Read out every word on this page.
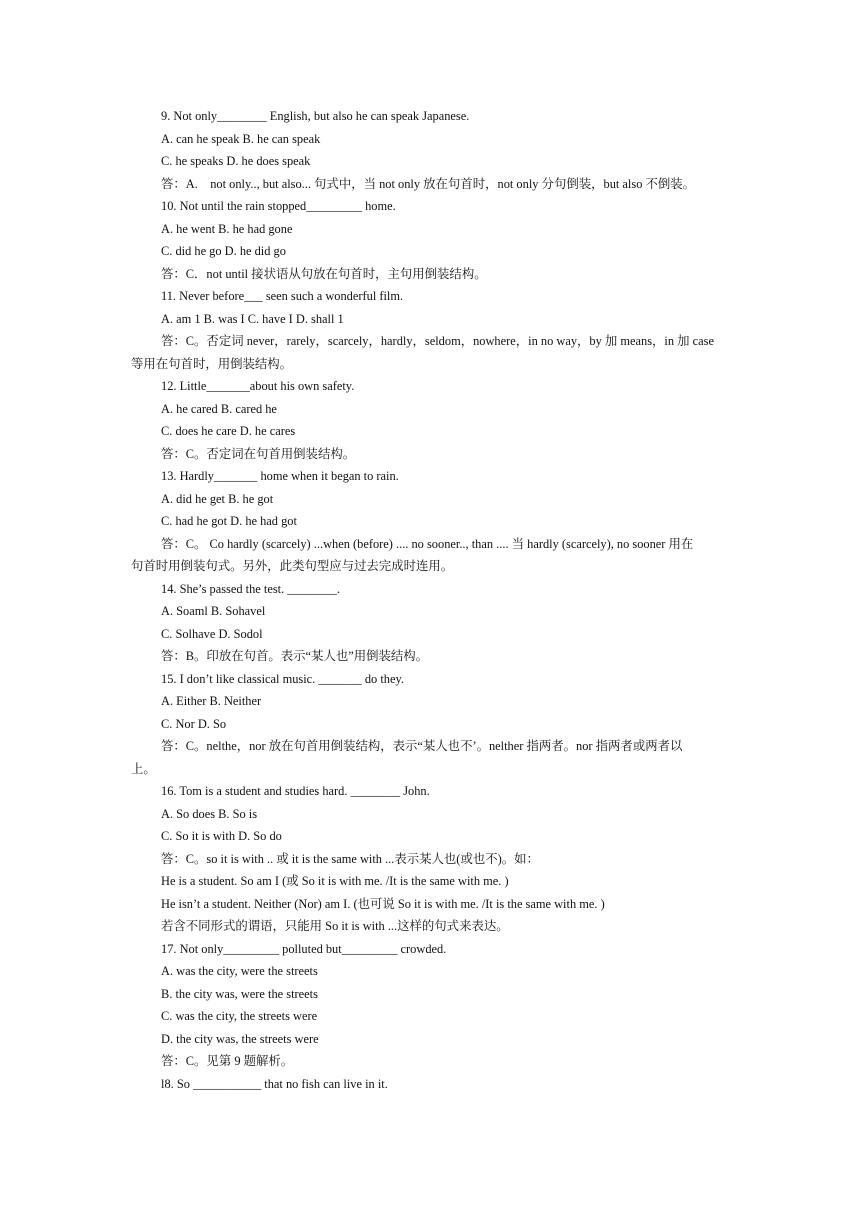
9. Not only________ English, but also he can speak Japanese.
A. can he speak B. he can speak
C. he speaks D. he does speak
答：A.　not only.., but also... 句式中，当 not only 放在句首时，not only 分句倒装，but also 不倒装。
10. Not until the rain stopped_________ home.
A. he went B. he had gone
C. did he go D. he did go
答：C．not until 接状语从句放在句首时，主句用倒装结构。
11. Never before___ seen such a wonderful film.
A. am 1 B. was I C. have I D. shall 1
答：C。否定词 never，rarely，scarcely，hardly，seldom，nowhere，in no way，by 加 means，in 加 case
等用在句首时，用倒装结构。
12. Little_______about his own safety.
A. he cared B. cared he
C. does he care D. he cares
答：C。否定词在句首用倒装结构。
13. Hardly_______ home when it began to rain.
A. did he get B. he got
C. had he got D. he had got
答：C。 Co hardly (scarcely) ...when (before) .... no sooner.., than .... 当 hardly (scarcely), no sooner 用在
句首时用倒装句式。另外，此类句型应与过去完成时连用。
14. She’s passed the test. ________.
A. Soaml B. Sohavel
C. Solhave D. Sodol
答：B。印放在句首。表示“某人也”用倒装结构。
15. I don’t like classical music. _______ do they.
A. Either B. Neither
C. Nor D. So
答：C。nelthe，nor 放在句首用倒装结构，表示“某人也不’。nelther 指两者。nor 指两者或两者以
上。
16. Tom is a student and studies hard. ________ John.
A. So does B. So is
C. So it is with D. So do
答：C。so it is with .. 或 it is the same with ...表示某人也(或也不)。如：
He is a student. So am I (或 So it is with me. /It is the same with me. )
He isn’t a student. Neither (Nor) am I. (也可说 So it is with me. /It is the same with me. )
若含不同形式的谓语，只能用 So it is with ...这样的句式来表达。
17. Not only_________ polluted but_________ crowded.
A. was the city, were the streets
B. the city was, were the streets
C. was the city, the streets were
D. the city was, the streets were
答：C。见第 9 题解析。
l8. So ___________ that no fish can live in it.
